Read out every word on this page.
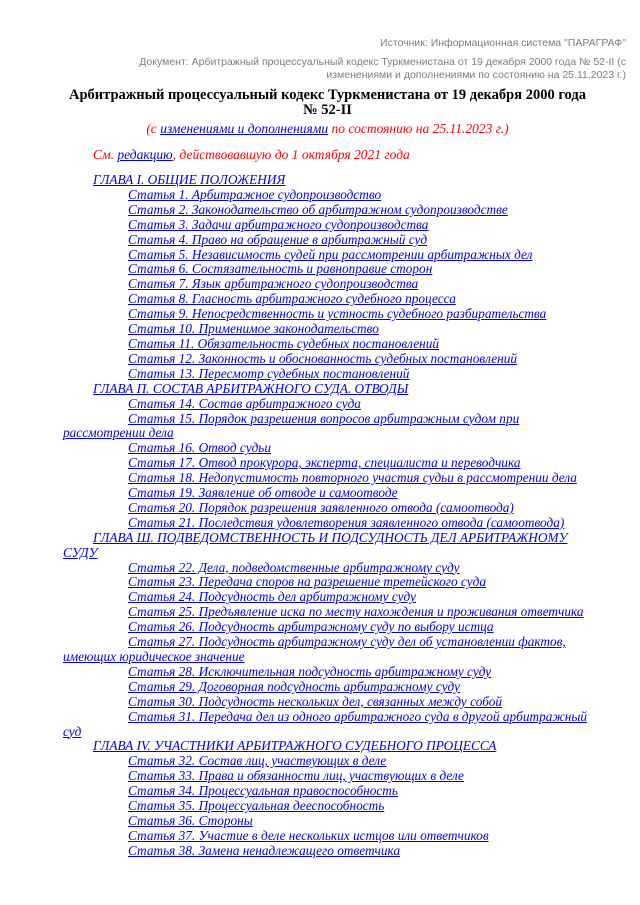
Источник: Информационная система "ПАРАГРАФ"
Документ: Арбитражный процессуальный кодекс Туркменистана от 19 декабря 2000 года № 52-II (с изменениями и дополнениями по состоянию на 25.11.2023 г.)
Арбитражный процессуальный кодекс Туркменистана от 19 декабря 2000 года № 52-II
(с изменениями и дополнениями по состоянию на 25.11.2023 г.)
См. редакцию, действовавшую до 1 октября 2021 года
ГЛАВА I. ОБЩИЕ ПОЛОЖЕНИЯ
Статья 1. Арбитражное судопроизводство
Статья 2. Законодательство об арбитражном судопроизводстве
Статья 3. Задачи арбитражного судопроизводства
Статья 4. Право на обращение в арбитражный суд
Статья 5. Независимость судей при рассмотрении арбитражных дел
Статья 6. Состязательность и равноправие сторон
Статья 7. Язык арбитражного судопроизводства
Статья 8. Гласность арбитражного судебного процесса
Статья 9. Непосредственность и устность судебного разбирательства
Статья 10. Применимое законодательство
Статья 11. Обязательность судебных постановлений
Статья 12. Законность и обоснованность судебных постановлений
Статья 13. Пересмотр судебных постановлений
ГЛАВА П. СОСТАВ АРБИТРАЖНОГО СУДА. ОТВОДЫ
Статья 14. Состав арбитражного суда
Статья 15. Порядок разрешения вопросов арбитражным судом при рассмотрении дела
Статья 16. Отвод судьи
Статья 17. Отвод прокурора, эксперта, специалиста и переводчика
Статья 18. Недопустимость повторного участия судьи в рассмотрении дела
Статья 19. Заявление об отводе и самоотводе
Статья 20. Порядок разрешения заявленного отвода (самоотвода)
Статья 21. Последствия удовлетворения заявленного отвода (самоотвода)
ГЛАВА Ш. ПОДВЕДОМСТВЕННОСТЬ И ПОДСУДНОСТЬ ДЕЛ АРБИТРАЖНОМУ СУДУ
Статья 22. Дела, подведомственные арбитражному суду
Статья 23. Передача споров на разрешение третейского суда
Статья 24. Подсудность дел арбитражному суду
Статья 25. Предъявление иска по месту нахождения и проживания ответчика
Статья 26. Подсудность арбитражному суду по выбору истца
Статья 27. Подсудность арбитражному суду дел об установлении фактов, имеющих юридическое значение
Статья 28. Исключительная подсудность арбитражному суду
Статья 29. Договорная подсудность арбитражному суду
Статья 30. Подсудность нескольких дел, связанных между собой
Статья 31. Передача дел из одного арбитражного суда в другой арбитражный суд
ГЛАВА IV. УЧАСТНИКИ АРБИТРАЖНОГО СУДЕБНОГО ПРОЦЕССА
Статья 32. Состав лиц, участвующих в деле
Статья 33. Права и обязанности лиц, участвующих в деле
Статья 34. Процессуальная правоспособность
Статья 35. Процессуальная дееспособность
Статья 36. Стороны
Статья 37. Участие в деле нескольких истцов или ответчиков
Статья 38. Замена ненадлежащего ответчика
